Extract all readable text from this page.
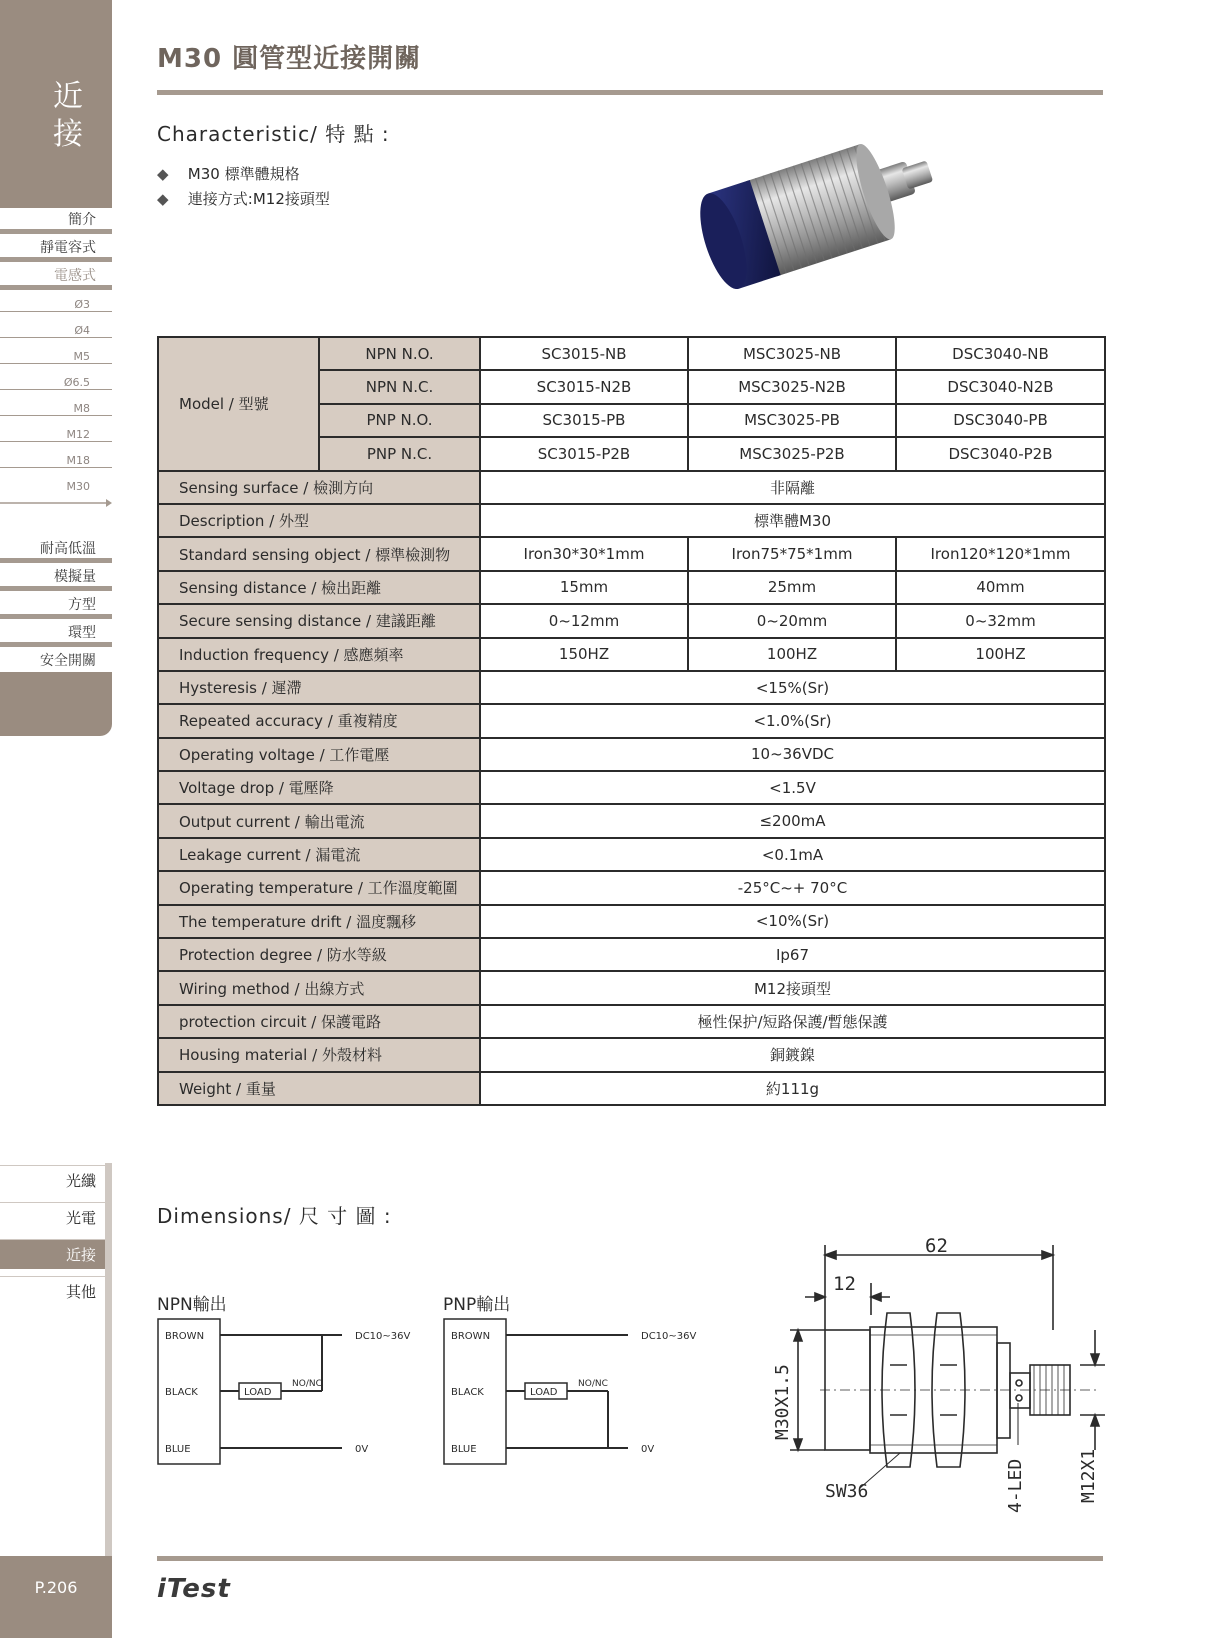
近
接
簡介
靜電容式
電感式
Ø3
Ø4
M5
Ø6.5
M8
M12
M18
M30
耐高低溫
模擬量
方型
環型
安全開關
光纖
光電
近接
其他
P.206
M30 圓管型近接開關
Characteristic/ 特 點 :
◆ M30 標準體規格
◆ 連接方式:M12接頭型
Model / 型號	NPN N.O.	SC3015-NB	MSC3025-NB	DSC3040-NB
	NPN N.C.	SC3015-N2B	MSC3025-N2B	DSC3040-N2B
	PNP N.O.	SC3015-PB	MSC3025-PB	DSC3040-PB
	PNP N.C.	SC3015-P2B	MSC3025-P2B	DSC3040-P2B
Sensing surface / 檢測方向		非隔離		
Description / 外型		標準體M30		
Standard sensing object / 標準檢測物		Iron30*30*1mm	Iron75*75*1mm	Iron120*120*1mm
Sensing distance / 檢出距離		15mm	25mm	40mm
Secure sensing distance / 建議距離		0~12mm	0~20mm	0~32mm
Induction frequency / 感應頻率		150HZ	100HZ	100HZ
Hysteresis / 遲滯		<15%(Sr)		
Repeated accuracy / 重複精度		<1.0%(Sr)		
Operating voltage / 工作電壓		10~36VDC		
Voltage drop / 電壓降		<1.5V		
Output current / 輸出電流		≤200mA		
Leakage current / 漏電流		<0.1mA		
Operating temperature / 工作溫度範圍		-25°C~+ 70°C		
The temperature drift / 溫度飄移		<10%(Sr)		
Protection degree / 防水等級		Ip67		
Wiring method / 出線方式		M12接頭型		
protection circuit / 保護電路		極性保护/短路保護/暫態保護		
Housing material / 外殼材料		銅鍍鎳		
Weight / 重量		約111g		
Dimensions/ 尺 寸 圖 :
NPN輸出
BROWN
BLACK
BLUE
LOAD
NO/NC
DC10~36V
0V
PNP輸出
BROWN
BLACK
BLUE
LOAD
NO/NC
DC10~36V
0V
62
12
M30X1.5
M12X1
SW36	4-LED
iTest
